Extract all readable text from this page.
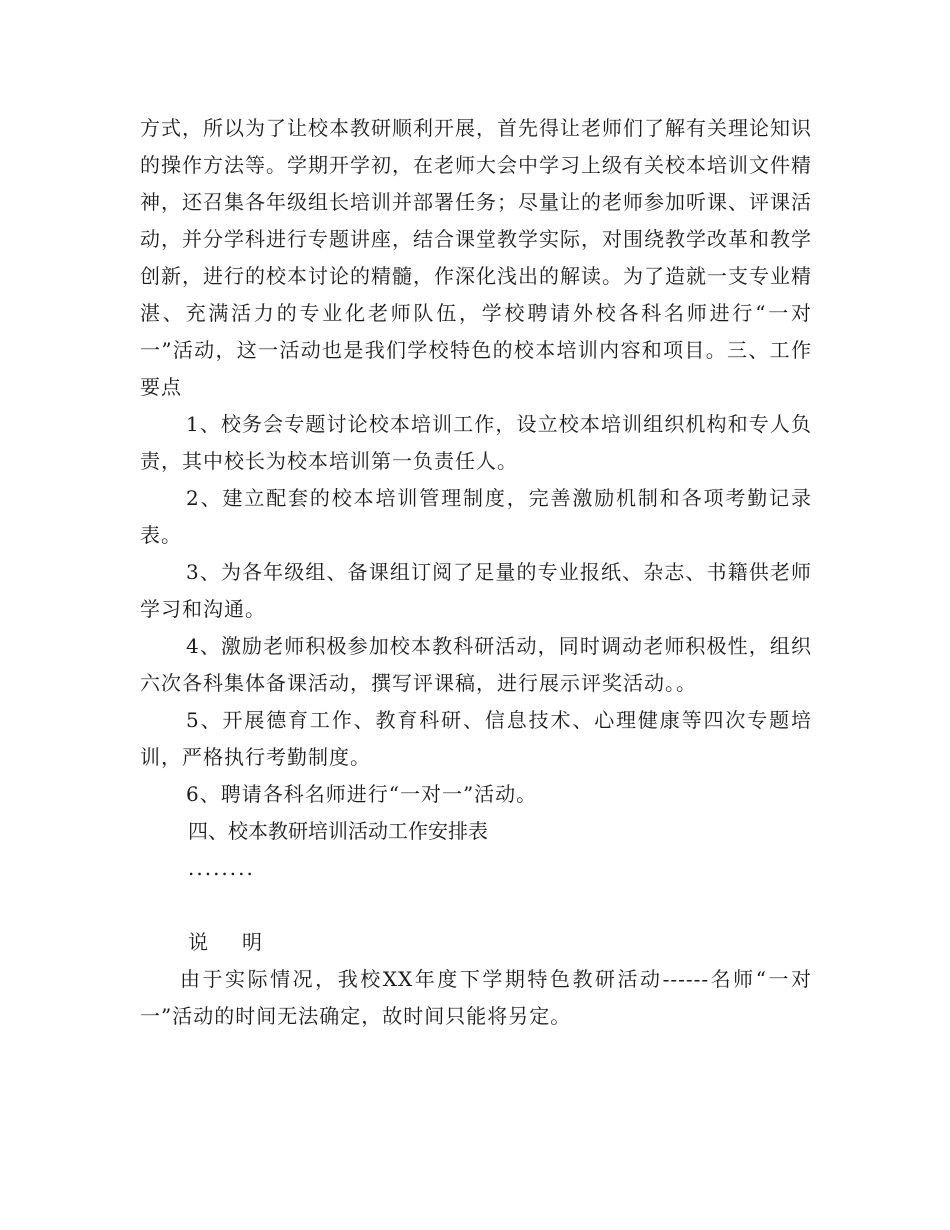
方式，所以为了让校本教研顺利开展，首先得让老师们了解有关理论知识的操作方法等。学期开学初，在老师大会中学习上级有关校本培训文件精神，还召集各年级组长培训并部署任务；尽量让的老师参加听课、评课活动，并分学科进行专题讲座，结合课堂教学实际，对围绕教学改革和教学创新，进行的校本讨论的精髓，作深化浅出的解读。为了造就一支专业精湛、充满活力的专业化老师队伍，学校聘请外校各科名师进行“一对一”活动，这一活动也是我们学校特色的校本培训内容和项目。三、工作要点

1、校务会专题讨论校本培训工作，设立校本培训组织机构和专人负责，其中校长为校本培训第一负责任人。

2、建立配套的校本培训管理制度，完善激励机制和各项考勤记录表。

3、为各年级组、备课组订阅了足量的专业报纸、杂志、书籍供老师学习和沟通。

4、激励老师积极参加校本教科研活动，同时调动老师积极性，组织六次各科集体备课活动，撰写评课稿，进行展示评奖活动。。

5、开展德育工作、教育科研、信息技术、心理健康等四次专题培训，严格执行考勤制度。

6、聘请各科名师进行“一对一”活动。

四、校本教研培训活动工作安排表

........

说 明

由于实际情况，我校XX年度下学期特色教研活动------名师“一对一”活动的时间无法确定，故时间只能将另定。
